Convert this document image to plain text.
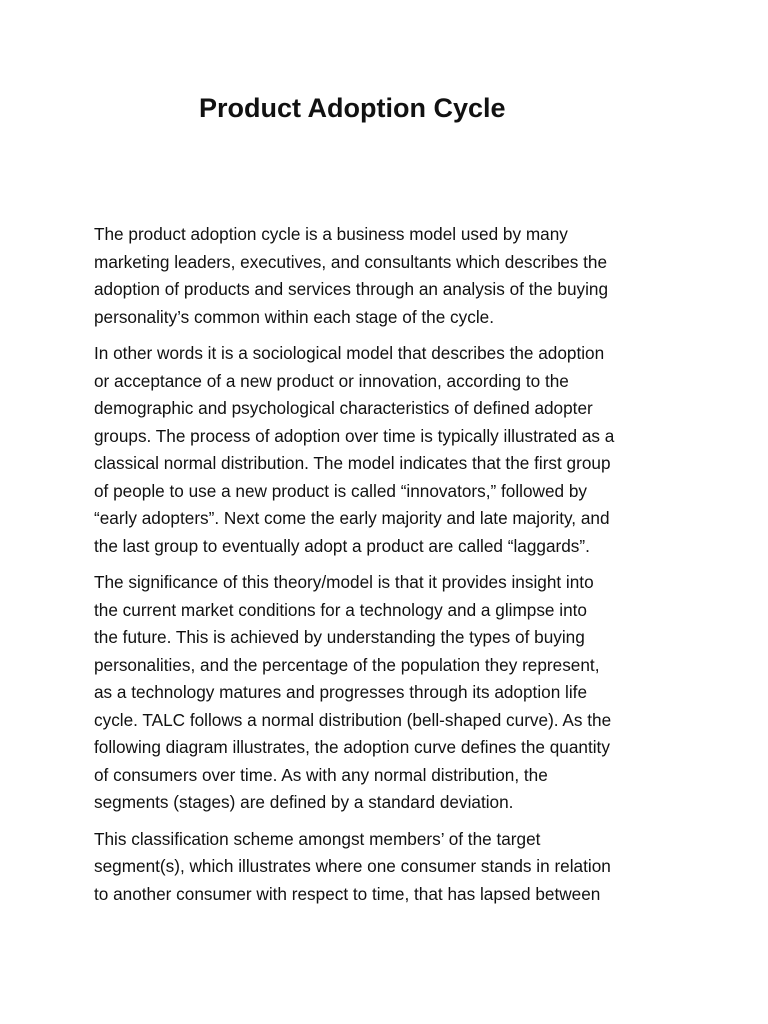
Product Adoption Cycle

The product adoption cycle is a business model used by many
marketing leaders, executives, and consultants which describes the
adoption of products and services through an analysis of the buying
personality’s common within each stage of the cycle.

In other words it is a sociological model that describes the adoption
or acceptance of a new product or innovation, according to the
demographic and psychological characteristics of defined adopter
groups. The process of adoption over time is typically illustrated as a
classical normal distribution. The model indicates that the first group
of people to use a new product is called “innovators,” followed by
“early adopters”. Next come the early majority and late majority, and
the last group to eventually adopt a product are called “laggards”.

The significance of this theory/model is that it provides insight into
the current market conditions for a technology and a glimpse into
the future. This is achieved by understanding the types of buying
personalities, and the percentage of the population they represent,
as a technology matures and progresses through its adoption life
cycle. TALC follows a normal distribution (bell-shaped curve). As the
following diagram illustrates, the adoption curve defines the quantity
of consumers over time. As with any normal distribution, the
segments (stages) are defined by a standard deviation.

This classification scheme amongst members’ of the target
segment(s), which illustrates where one consumer stands in relation
to another consumer with respect to time, that has lapsed between
